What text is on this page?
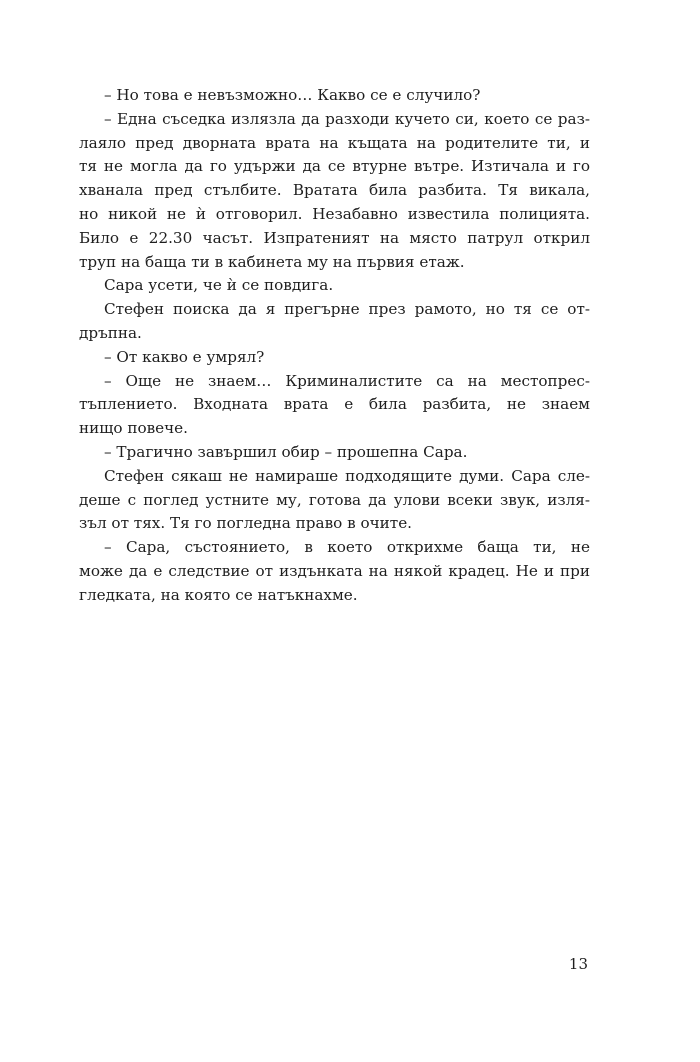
– Но това е невъзможно… Какво се е случило?
– Една съседка излязла да разходи кучето си, което се раз-
лаяло пред дворната врата на къщата на родителите ти, и
тя не могла да го удържи да се втурне вътре. Изтичала и го
хванала пред стълбите. Вратата била разбита. Тя викала,
но никой не ѝ отговорил. Незабавно известила полицията.
Било е 22.30 часът. Изпратеният на място патрул открил
труп на баща ти в кабинета му на първия етаж.
Сара усети, че ѝ се повдига.
Стефен поиска да я прегърне през рамото, но тя се от-
дръпна.
– От какво е умрял?
– Още не знаем… Криминалистите са на местопрес-
тъплението. Входната врата е била разбита, не знаем
нищо повече.
– Трагично завършил обир – прошепна Сара.
Стефен сякаш не намираше подходящите думи. Сара сле-
деше с поглед устните му, готова да улови всеки звук, изля-
зъл от тях. Тя го погледна право в очите.
– Сара, състоянието, в което открихме баща ти, не
може да е следствие от издънката на някой крадец. Не и при
гледката, на която се натъкнахме.
13
